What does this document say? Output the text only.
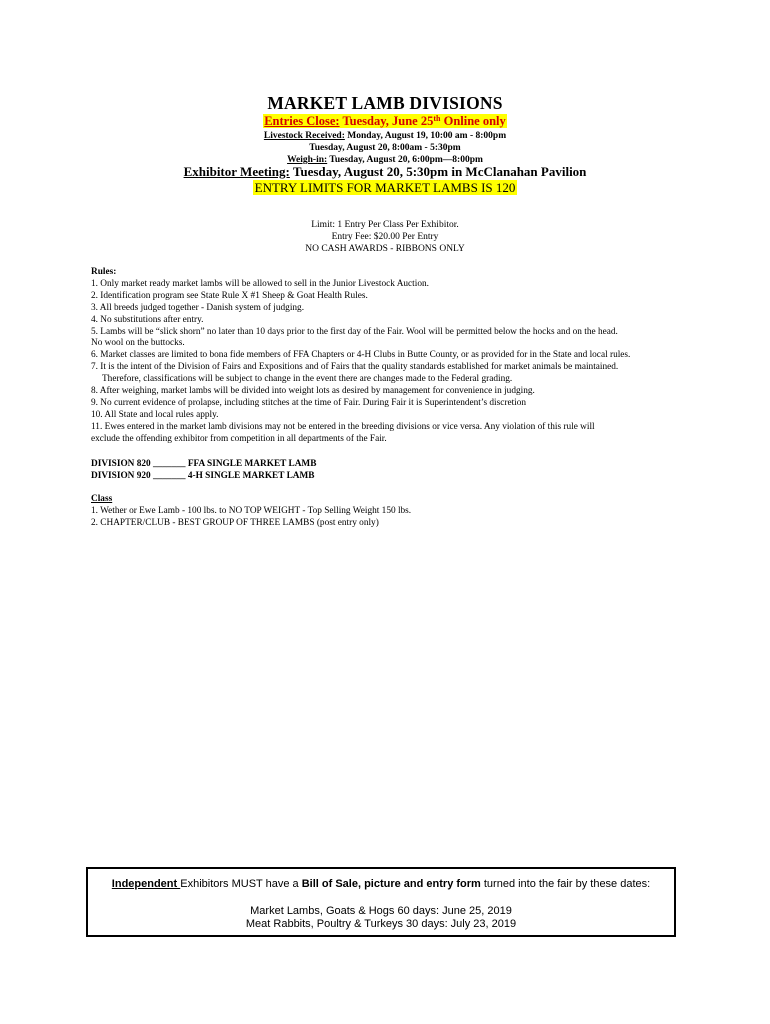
MARKET LAMB DIVISIONS
Entries Close: Tuesday, June 25th Online only
Livestock Received: Monday, August 19, 10:00 am - 8:00pm
Tuesday, August 20, 8:00am - 5:30pm
Weigh-in: Tuesday, August 20, 6:00pm—8:00pm
Exhibitor Meeting: Tuesday, August 20, 5:30pm in McClanahan Pavilion
ENTRY LIMITS FOR MARKET LAMBS IS 120
Limit: 1 Entry Per Class Per Exhibitor.
Entry Fee: $20.00 Per Entry
NO CASH AWARDS - RIBBONS ONLY
Rules:
1. Only market ready market lambs will be allowed to sell in the Junior Livestock Auction.
2. Identification program see State Rule X #1 Sheep & Goat Health Rules.
3. All breeds judged together - Danish system of judging.
4. No substitutions after entry.
5. Lambs will be “slick shorn” no later than 10 days prior to the first day of the Fair. Wool will be permitted below the hocks and on the head.
No wool on the buttocks.
6. Market classes are limited to bona fide members of FFA Chapters or 4-H Clubs in Butte County, or as provided for in the State and local rules.
7. It is the intent of the Division of Fairs and Expositions and of Fairs that the quality standards established for market animals be maintained.
Therefore, classifications will be subject to change in the event there are changes made to the Federal grading.
8. After weighing, market lambs will be divided into weight lots as desired by management for convenience in judging.
9. No current evidence of prolapse, including stitches at the time of Fair. During Fair it is Superintendent’s discretion
10. All State and local rules apply.
11. Ewes entered in the market lamb divisions may not be entered in the breeding divisions or vice versa. Any violation of this rule will
exclude the offending exhibitor from competition in all departments of the Fair.
DIVISION 820 _______ FFA SINGLE MARKET LAMB
DIVISION 920 _______ 4-H SINGLE MARKET LAMB
Class
1. Wether or Ewe Lamb - 100 lbs. to NO TOP WEIGHT - Top Selling Weight 150 lbs.
2. CHAPTER/CLUB - BEST GROUP OF THREE LAMBS (post entry only)
Independent Exhibitors MUST have a Bill of Sale, picture and entry form turned into the fair by these dates:
Market Lambs, Goats & Hogs 60 days: June 25, 2019
Meat Rabbits, Poultry & Turkeys 30 days: July 23, 2019
